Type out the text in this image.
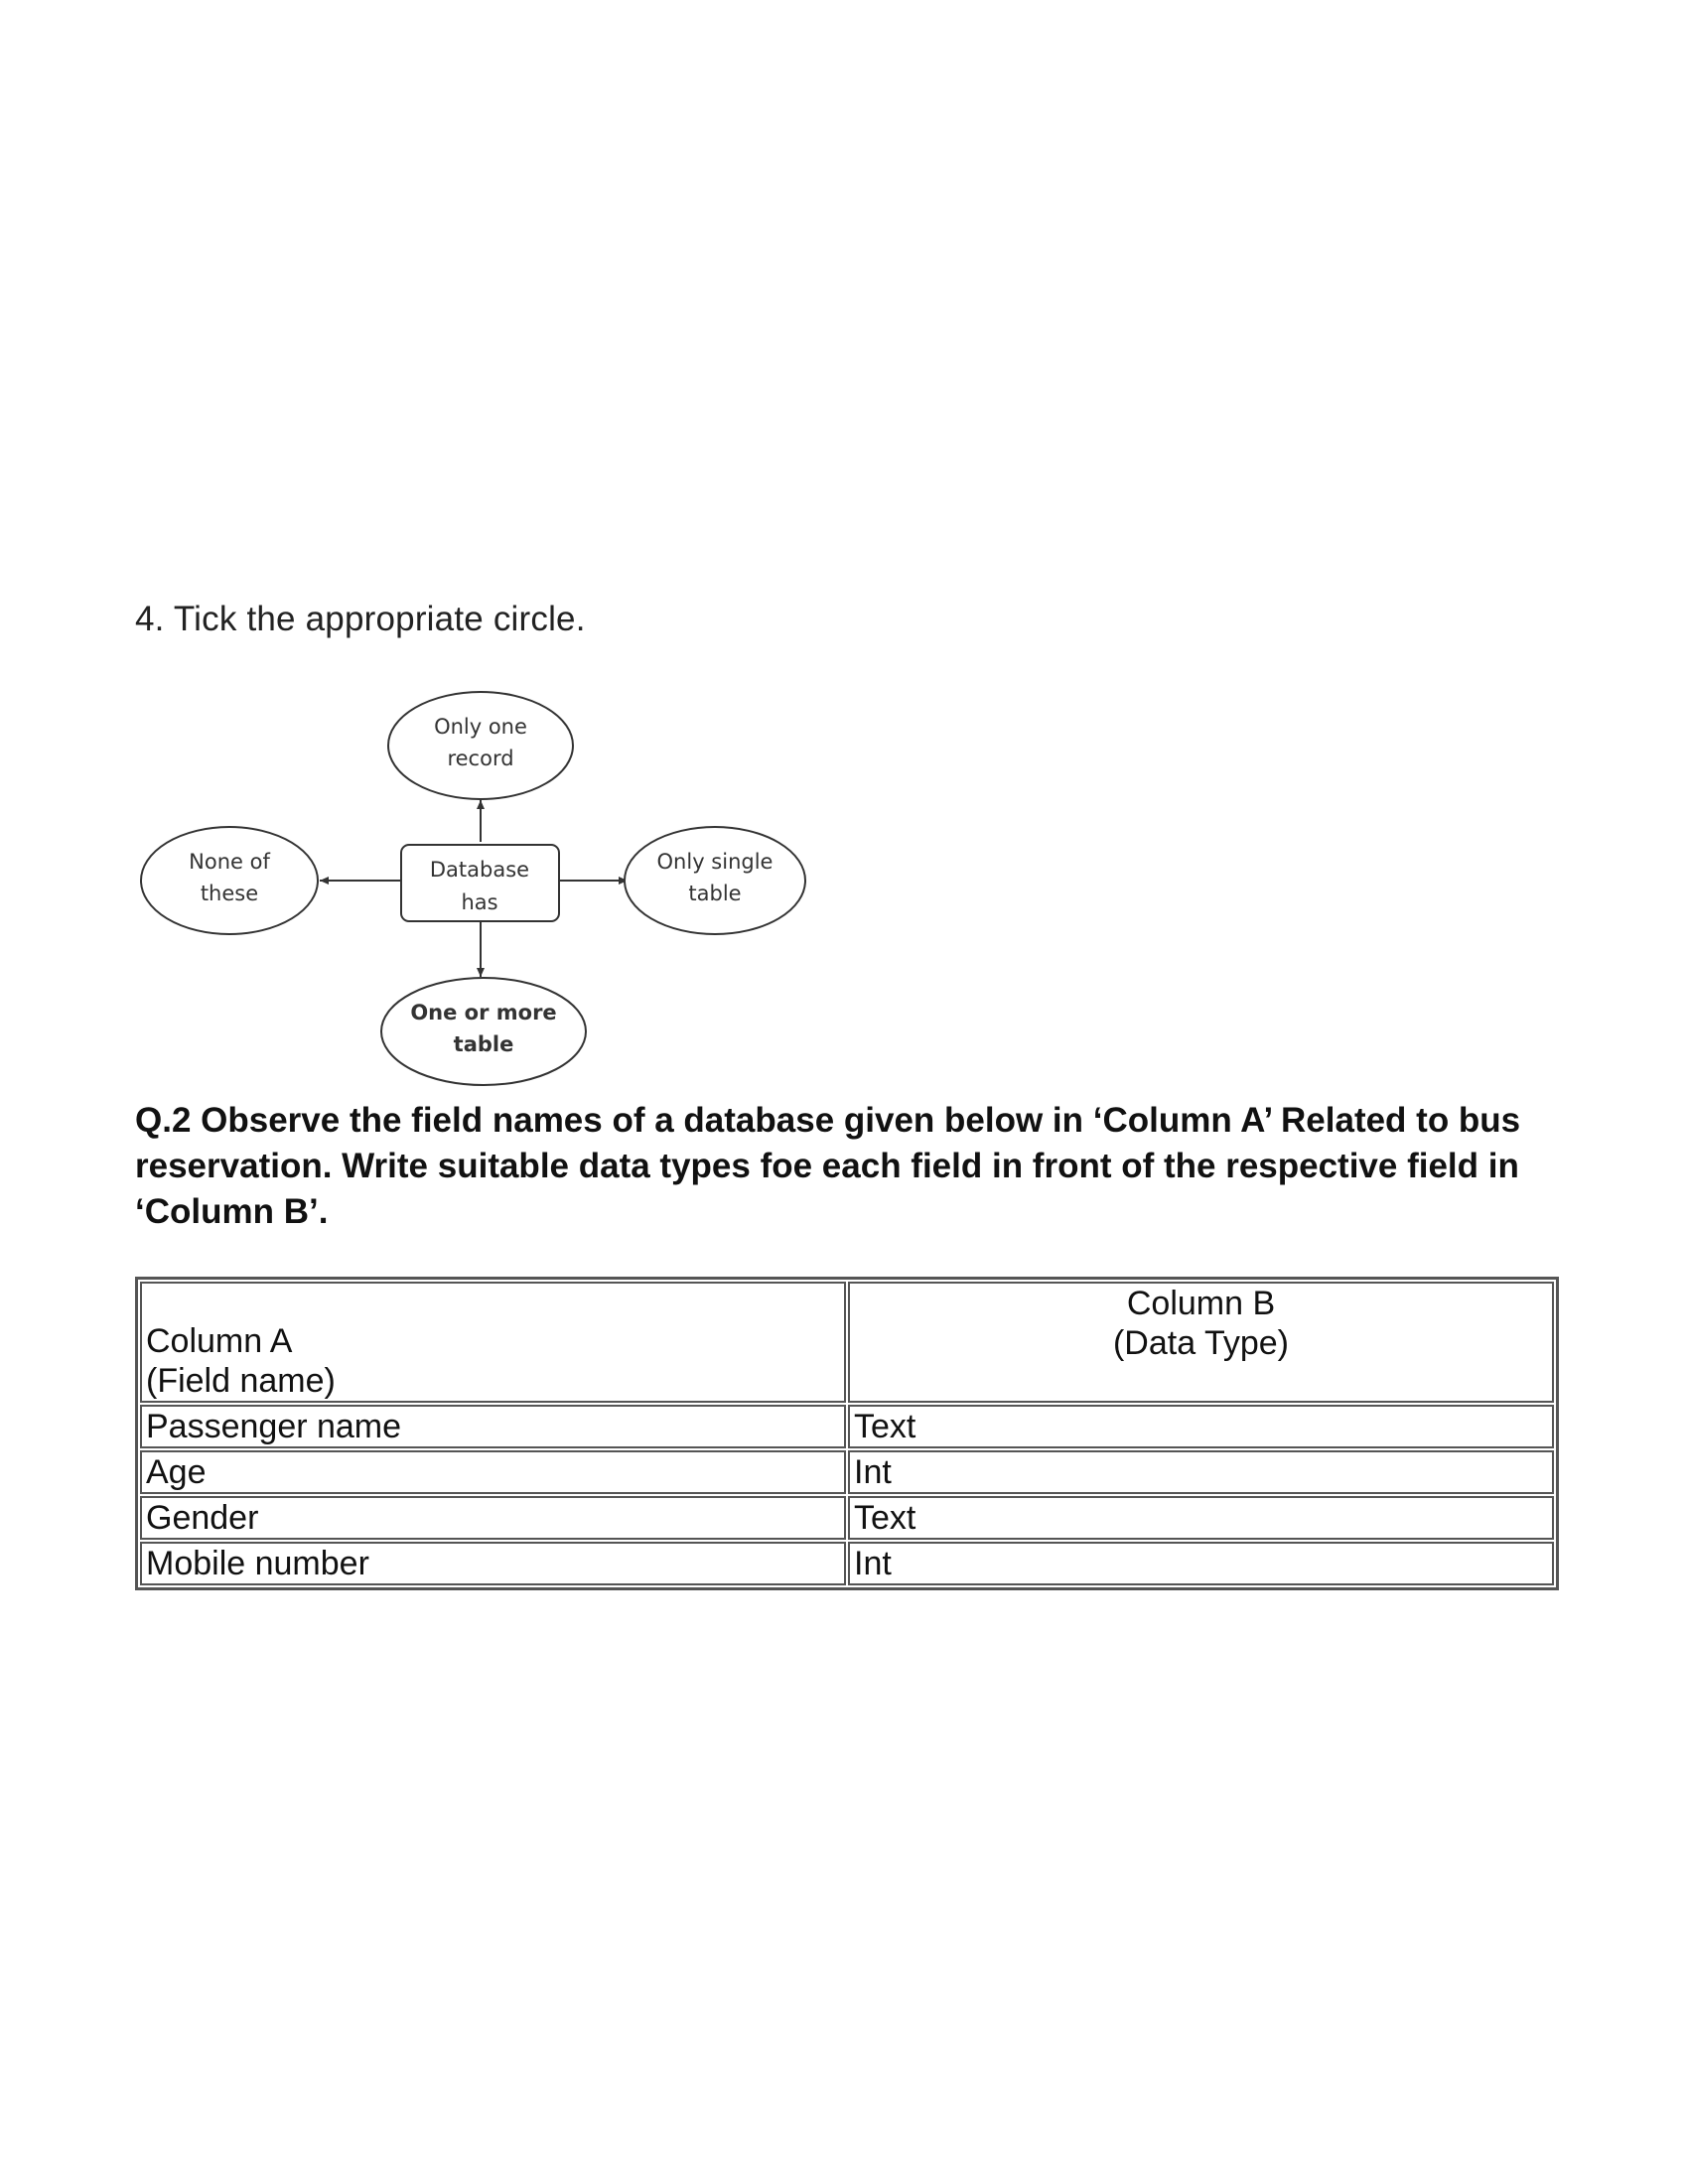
4. Tick the appropriate circle.
Database
has
Only one
record
None of
these
Only single
table
One or more
table

Q.2 Observe the field names of a database given below in ‘Column A’ Related to bus reservation. Write suitable data types foe each field in front of the respective field in ‘Column B’.

Column A
(Field name)	Column B
(Data Type)

Passenger name	Text
Age	Int
Gender	Text
Mobile number	Int
